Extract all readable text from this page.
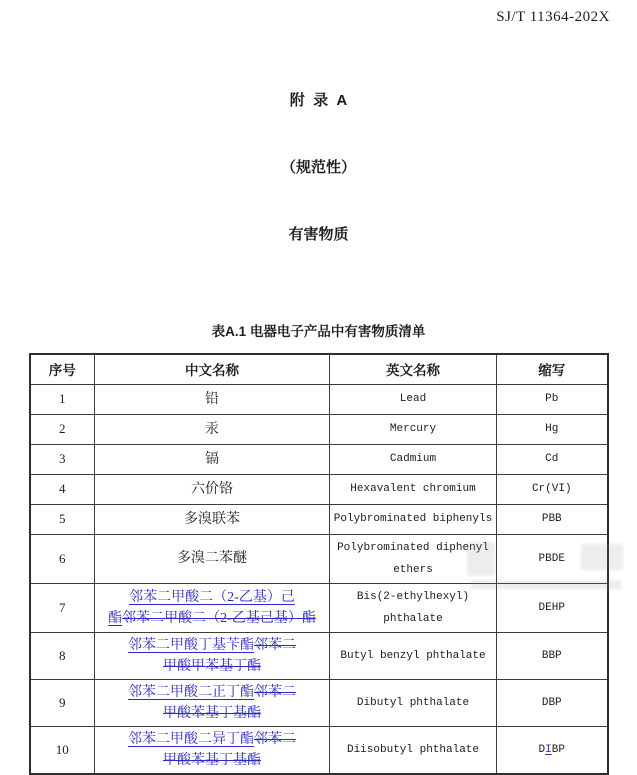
SJ/T 11364-202X

附  录  A

（规范性）

有害物质

表A.1 电器电子产品中有害物质清单
序号	中文名称	英文名称	缩写
1	铅	Lead	Pb
2	汞	Mercury	Hg
3	镉	Cadmium	Cd
4	六价铬	Hexavalent chromium	Cr(VI)
5	多溴联苯	Polybrominated biphenyls	PBB
6	多溴二苯醚	Polybrominated diphenyl ethers	PBDE
7	邻苯二甲酸二（2-乙基）己
酯邻苯二甲酸二（2-乙基己基）酯	Bis(2-ethylhexyl) phthalate	DEHP
8	邻苯二甲酸丁基苄酯邻苯二
甲酸甲苯基丁酯	Butyl benzyl phthalate	BBP
9	邻苯二甲酸二正丁酯邻苯二
甲酸苯基丁基酯	Dibutyl phthalate	DBP
10	邻苯二甲酸二异丁酯邻苯二
甲酸苯基丁基酯	Diisobutyl phthalate	DIBP
